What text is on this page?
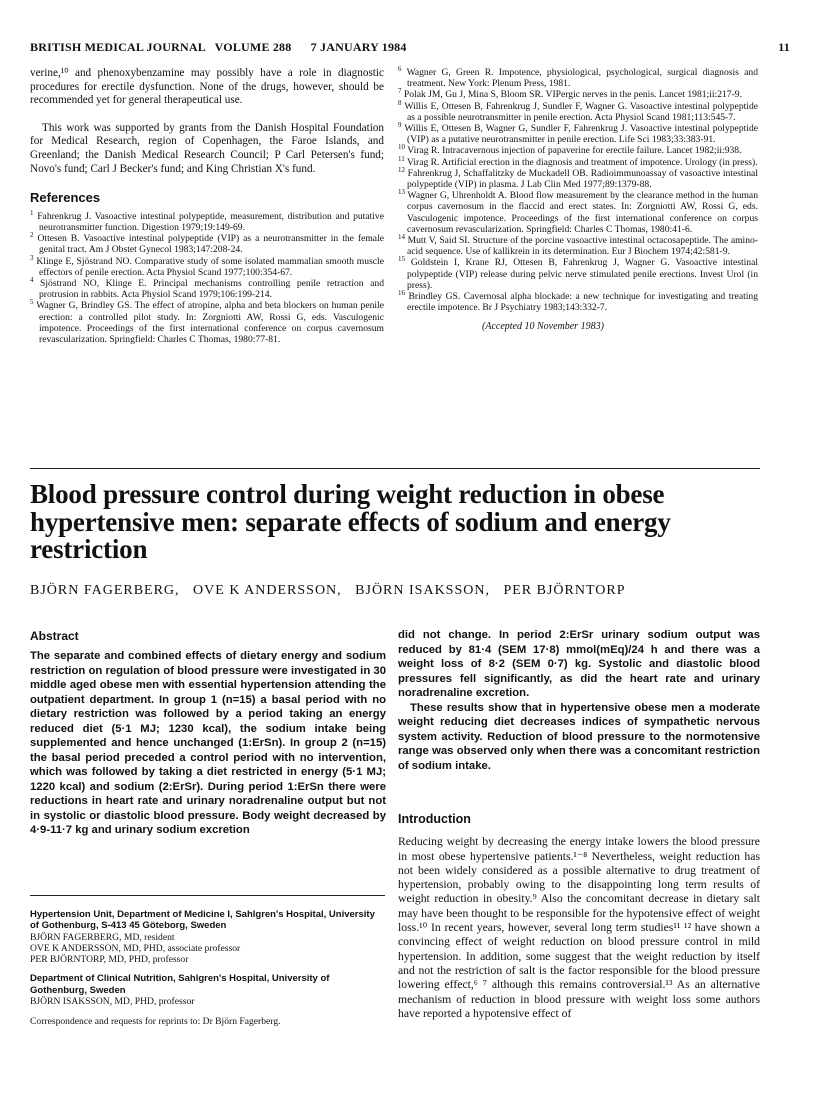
BRITISH MEDICAL JOURNAL   VOLUME 288      7 JANUARY 1984	11

verine,¹⁰ and phenoxybenzamine may possibly have a role in diagnostic procedures for erectile dysfunction. None of the drugs, however, should be recommended yet for general therapeutical use.

This work was supported by grants from the Danish Hospital Foundation for Medical Research, region of Copenhagen, the Faroe Islands, and Greenland; the Danish Medical Research Council; P Carl Petersen's fund; Novo's fund; Carl J Becker's fund; and King Christian X's fund.

References

$^1$ Fahrenkrug J. Vasoactive intestinal polypeptide, measurement, distribution and putative neurotransmitter function. Digestion 1979;19:149-69.

$^2$ Ottesen B. Vasoactive intestinal polypeptide (VIP) as a neurotransmitter in the female genital tract. Am J Obstet Gynecol 1983;147:208-24.

$^3$ Klinge E, Sjöstrand NO. Comparative study of some isolated mammalian smooth muscle effectors of penile erection. Acta Physiol Scand 1977;100:354-67.

$^4$ Sjöstrand NO, Klinge E. Principal mechanisms controlling penile retraction and protrusion in rabbits. Acta Physiol Scand 1979;106:199-214.

$^5$ Wagner G, Brindley GS. The effect of atropine, alpha and beta blockers on human penile erection: a controlled pilot study. In: Zorgniotti AW, Rossi G, eds. Vasculogenic impotence. Proceedings of the first international conference on corpus cavernosum revascularization. Springfield: Charles C Thomas, 1980:77-81.

$^6$ Wagner G, Green R. Impotence, physiological, psychological, surgical diagnosis and treatment. New York: Plenum Press, 1981.

$^7$ Polak JM, Gu J, Mina S, Bloom SR. VIPergic nerves in the penis. Lancet 1981;ii:217-9.

$^8$ Willis E, Ottesen B, Fahrenkrug J, Sundler F, Wagner G. Vasoactive intestinal polypeptide as a possible neurotransmitter in penile erection. Acta Physiol Scand 1981;113:545-7.

$^9$ Willis E, Ottesen B, Wagner G, Sundler F, Fahrenkrug J. Vasoactive intestinal polypeptide (VIP) as a putative neurotransmitter in penile erection. Life Sci 1983;33:383-91.

$^{10}$ Virag R. Intracavernous injection of papaverine for erectile failure. Lancet 1982;ii:938.

$^{11}$ Virag R. Artificial erection in the diagnosis and treatment of impotence. Urology (in press).

$^{12}$ Fahrenkrug J, Schaffalitzky de Muckadell OB. Radioimmunoassay of vasoactive intestinal polypeptide (VIP) in plasma. J Lab Clin Med 1977;89:1379-88.

$^{13}$ Wagner G, Uhrenholdt A. Blood flow measurement by the clearance method in the human corpus cavernosum in the flaccid and erect states. In: Zorgniotti AW, Rossi G, eds. Vasculogenic impotence. Proceedings of the first international conference on corpus cavernosum revascularization. Springfield: Charles C Thomas, 1980:41-6.

$^{14}$ Mutt V, Said SI. Structure of the porcine vasoactive intestinal octacosapeptide. The amino-acid sequence. Use of kallikrein in its determination. Eur J Biochem 1974;42:581-9.

$^{15}$ Goldstein I, Krane RJ, Ottesen B, Fahrenkrug J, Wagner G. Vasoactive intestinal polypeptide (VIP) release during pelvic nerve stimulated penile erections. Invest Urol (in press).

$^{16}$ Brindley GS. Cavernosal alpha blockade: a new technique for investigating and treating erectile impotence. Br J Psychiatry 1983;143:332-7.

(Accepted 10 November 1983)

Blood pressure control during weight reduction in obese hypertensive men: separate effects of sodium and energy restriction
BJÖRN FAGERBERG,   OVE K ANDERSSON,   BJÖRN ISAKSSON,   PER BJÖRNTORP
Abstract

The separate and combined effects of dietary energy and sodium restriction on regulation of blood pressure were investigated in 30 middle aged obese men with essential hypertension attending the outpatient department. In group 1 (n=15) a basal period with no dietary restriction was followed by a period taking an energy reduced diet (5·1 MJ; 1230 kcal), the sodium intake being supplemented and hence unchanged (1:ErSn). In group 2 (n=15) the basal period preceded a control period with no intervention, which was followed by taking a diet restricted in energy (5·1 MJ; 1220 kcal) and sodium (2:ErSr). During period 1:ErSn there were reductions in heart rate and urinary noradrenaline output but not in systolic or diastolic blood pressure. Body weight decreased by 4·9-11·7 kg and urinary sodium excretion

did not change. In period 2:ErSr urinary sodium output was reduced by 81·4 (SEM 17·8) mmol(mEq)/24 h and there was a weight loss of 8·2 (SEM 0·7) kg. Systolic and diastolic blood pressures fell significantly, as did the heart rate and urinary noradrenaline excretion.

These results show that in hypertensive obese men a moderate weight reducing diet decreases indices of sympathetic nervous system activity. Reduction of blood pressure to the normotensive range was observed only when there was a concomitant restriction of sodium intake.

Hypertension Unit, Department of Medicine I, Sahlgren's Hospital, University of Gothenburg, S-413 45 Göteborg, Sweden

BJÖRN FAGERBERG, MD, resident

OVE K ANDERSSON, MD, PHD, associate professor

PER BJÖRNTORP, MD, PHD, professor

Department of Clinical Nutrition, Sahlgren's Hospital, University of Gothenburg, Sweden

BJÖRN ISAKSSON, MD, PHD, professor

Correspondence and requests for reprints to: Dr Björn Fagerberg.

Introduction

Reducing weight by decreasing the energy intake lowers the blood pressure in most obese hypertensive patients.¹⁻⁸ Nevertheless, weight reduction has not been widely considered as a possible alternative to drug treatment of hypertension, probably owing to the disappointing long term results of weight reduction in obesity.⁹ Also the concomitant decrease in dietary salt may have been thought to be responsible for the hypotensive effect of weight loss.¹⁰ In recent years, however, several long term studies¹¹ ¹² have shown a convincing effect of weight reduction on blood pressure control in mild hypertension. In addition, some suggest that the weight reduction by itself and not the restriction of salt is the factor responsible for the blood pressure lowering effect,⁶ ⁷ although this remains controversial.¹³ As an alternative mechanism of reduction in blood pressure with weight loss some authors have reported a hypotensive effect of
